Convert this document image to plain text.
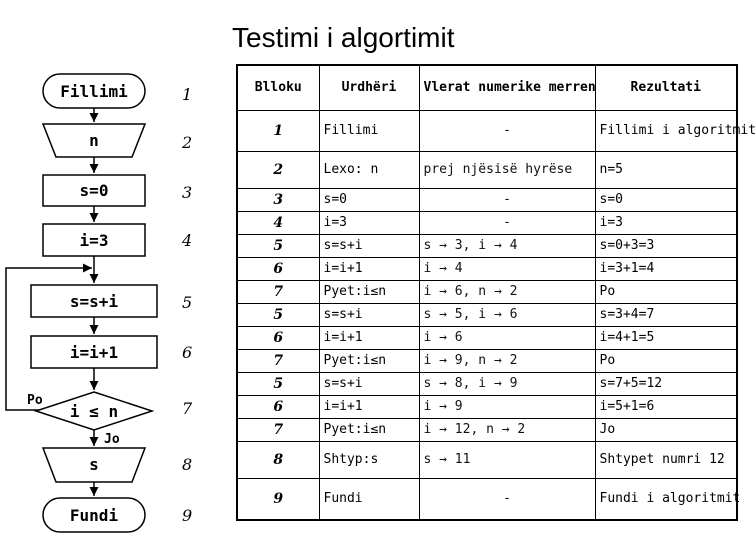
Testimi i algortimit
Fillimi
n
s=0
i=3
s=s+i
i=i+1
i ≤ n
Po
Jo
s
Fundi
1
2
3
4
5
6
7
8
9
Blloku	Urdhëri	Vlerat numerike merren	Rezultati
1	Fillimi	-	Fillimi i algoritmit
2	Lexo: n	prej njësisë hyrëse	n=5
3	s=0	-	s=0
4	i=3	-	i=3
5	s=s+i	s → 3, i → 4	s=0+3=3
6	i=i+1	i → 4	i=3+1=4
7	Pyet:i≤n	i → 6, n → 2	Po
5	s=s+i	s → 5, i → 6	s=3+4=7
6	i=i+1	i → 6	i=4+1=5
7	Pyet:i≤n	i → 9, n → 2	Po
5	s=s+i	s → 8, i → 9	s=7+5=12
6	i=i+1	i → 9	i=5+1=6
7	Pyet:i≤n	i → 12, n → 2	Jo
8	Shtyp:s	s → 11	Shtypet numri 12
9	Fundi	-	Fundi i algoritmit
